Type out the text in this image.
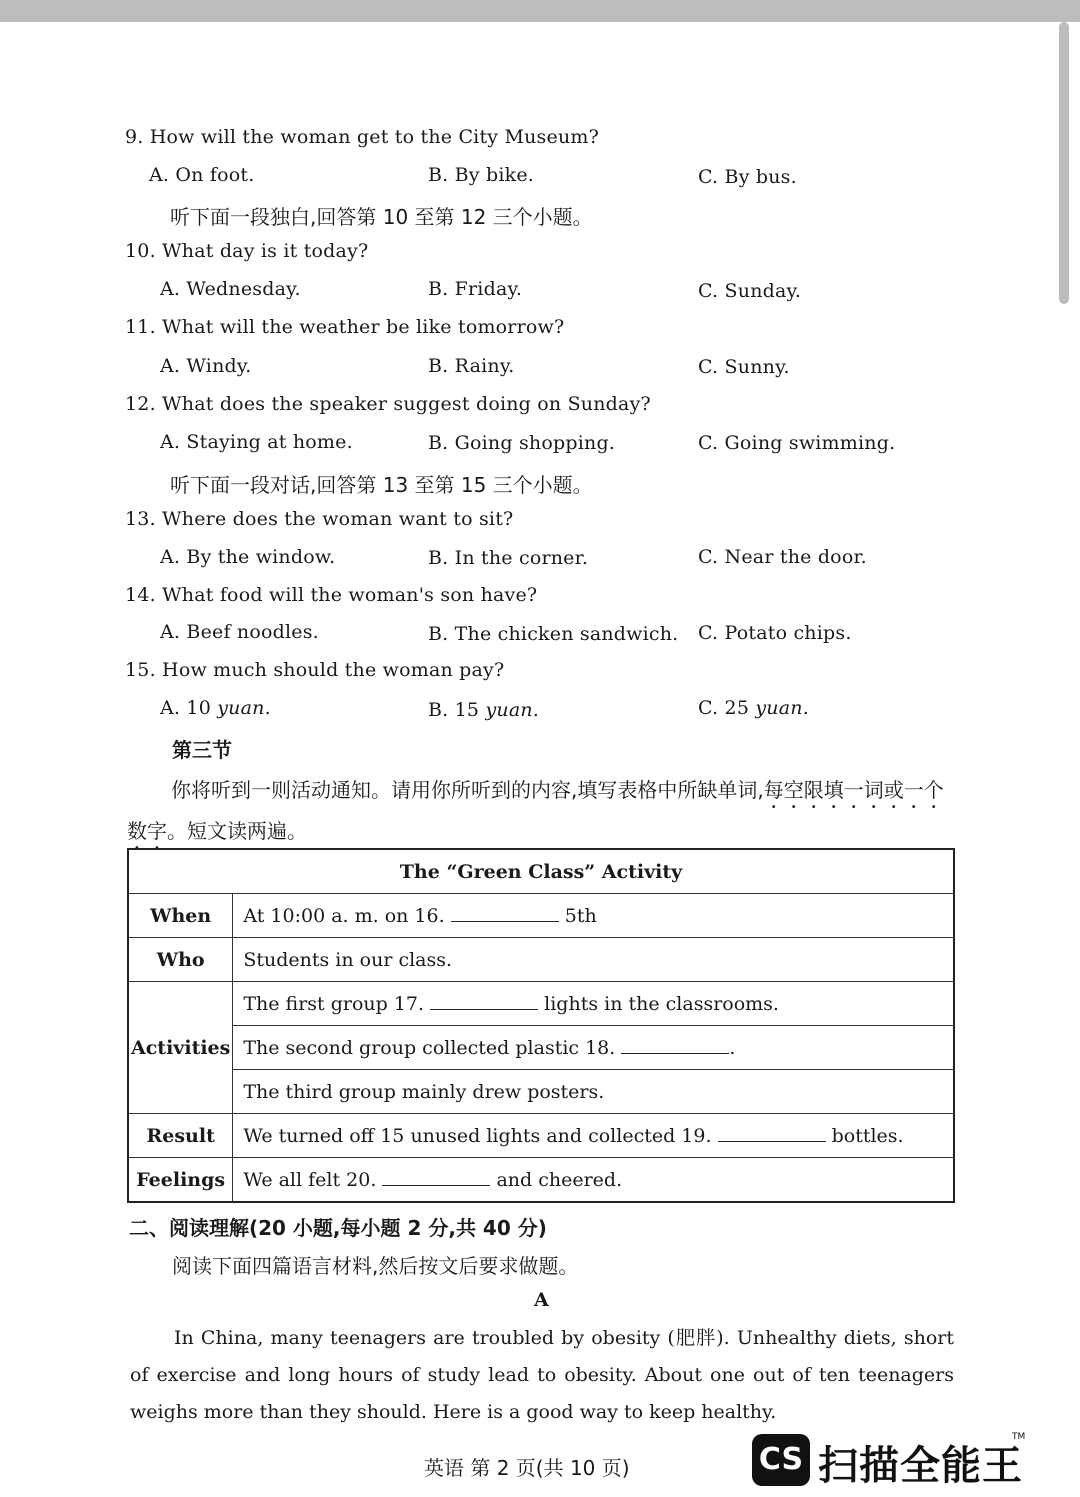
9. How will the woman get to the City Museum?
A. On foot.	B. By bike.	C. By bus.
听下面一段独白,回答第 10 至第 12 三个小题。
10. What day is it today?
A. Wednesday.	B. Friday.	C. Sunday.
11. What will the weather be like tomorrow?
A. Windy.	B. Rainy.	C. Sunny.
12. What does the speaker suggest doing on Sunday?
A. Staying at home.	B. Going shopping.	C. Going swimming.
听下面一段对话,回答第 13 至第 15 三个小题。
13. Where does the woman want to sit?
A. By the window.	B. In the corner.	C. Near the door.
14. What food will the woman's son have?
A. Beef noodles.	B. The chicken sandwich. C. Potato chips.
15. How much should the woman pay?
A. 10 yuan.	B. 15 yuan.	C. 25 yuan.
第三节
你将听到一则活动通知。请用你所听到的内容,填写表格中所缺单词,每空限填一词或一个数字。短文读两遍。
The “Green Class” Activity	
When	At 10:00 a. m. on 16. 5th
Who	Students in our class.
Activities	The first group 17. lights in the classrooms.
	The second group collected plastic 18. .
	The third group mainly drew posters.
Result	We turned off 15 unused lights and collected 19. bottles.
Feelings	We all felt 20. and cheered.
二、阅读理解(20 小题,每小题 2 分,共 40 分)
阅读下面四篇语言材料,然后按文后要求做题。
A
In China, many teenagers are troubled by obesity (肥胖). Unhealthy diets, short of exercise and long hours of study lead to obesity. About one out of ten teenagers weighs more than they should. Here is a good way to keep healthy.
英语 第 2 页(共 10 页)	CS 扫描全能王
TM
